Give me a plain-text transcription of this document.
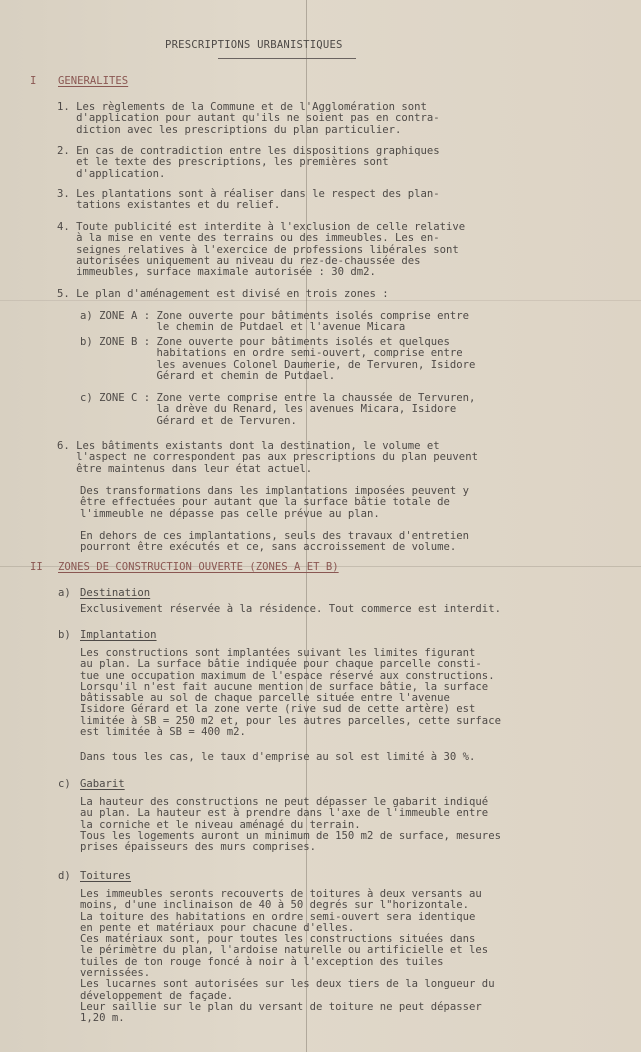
PRESCRIPTIONS URBANISTIQUES
I GENERALITES
1. Les règlements de la Commune et de l'Agglomération sont
d'application pour autant qu'ils ne soient pas en contra-
diction avec les prescriptions du plan particulier.
2. En cas de contradiction entre les dispositions graphiques
et le texte des prescriptions, les premières sont
d'application.
3. Les plantations sont à réaliser dans le respect des plan-
tations existantes et du relief.
4. Toute publicité est interdite à l'exclusion de celle relative
à la mise en vente des terrains ou des immeubles. Les en-
seignes relatives à l'exercice de professions libérales sont
autorisées uniquement au niveau du rez-de-chaussée des
immeubles, surface maximale autorisée : 30 dm2.
5. Le plan d'aménagement est divisé en trois zones :
a) ZONE A : Zone ouverte pour bâtiments isolés comprise entre
le chemin de Putdael et l'avenue Micara
b) ZONE B : Zone ouverte pour bâtiments isolés et quelques
habitations en ordre semi-ouvert, comprise entre
les avenues Colonel Daumerie, de Tervuren, Isidore
Gérard et chemin de Putdael.
c) ZONE C : Zone verte comprise entre la chaussée de Tervuren,
la drève du Renard, les avenues Micara, Isidore
Gérard et de Tervuren.
6. Les bâtiments existants dont la destination, le volume et
l'aspect ne correspondent pas aux prescriptions du plan peuvent
être maintenus dans leur état actuel.
Des transformations dans les implantations imposées peuvent y
être effectuées pour autant que la surface bâtie totale de
l'immeuble ne dépasse pas celle prévue au plan.
En dehors de ces implantations, seuls des travaux d'entretien
pourront être exécutés et ce, sans accroissement de volume.
II ZONES DE CONSTRUCTION OUVERTE (ZONES A ET B)
a) Destination
Exclusivement réservée à la résidence. Tout commerce est interdit.
b) Implantation
Les constructions sont implantées suivant les limites figurant
au plan. La surface bâtie indiquée pour chaque parcelle consti-
tue une occupation maximum de l'espace réservé aux constructions.
Lorsqu'il n'est fait aucune mention de surface bâtie, la surface
bâtissable au sol de chaque parcelle située entre l'avenue
Isidore Gérard et la zone verte (rive sud de cette artère) est
limitée à SB = 250 m2 et, pour les autres parcelles, cette surface
est limitée à SB = 400 m2.
Dans tous les cas, le taux d'emprise au sol est limité à 30 %.
c) Gabarit
La hauteur des constructions ne peut dépasser le gabarit indiqué
au plan. La hauteur est à prendre dans l'axe de l'immeuble entre
la corniche et le niveau aménagé du terrain.
Tous les logements auront un minimum de 150 m2 de surface, mesures
prises épaisseurs des murs comprises.
d) Toitures
Les immeubles seronts recouverts de toitures à deux versants au
moins, d'une inclinaison de 40 à 50 degrés sur l"horizontale.
La toiture des habitations en ordre semi-ouvert sera identique
en pente et matériaux pour chacune d'elles.
Ces matériaux sont, pour toutes les constructions situées dans
le périmètre du plan, l'ardoise naturelle ou artificielle et les
tuiles de ton rouge foncé à noir à l'exception des tuiles
vernissées.
Les lucarnes sont autorisées sur les deux tiers de la longueur du
développement de façade.
Leur saillie sur le plan du versant de toiture ne peut dépasser
1,20 m.
